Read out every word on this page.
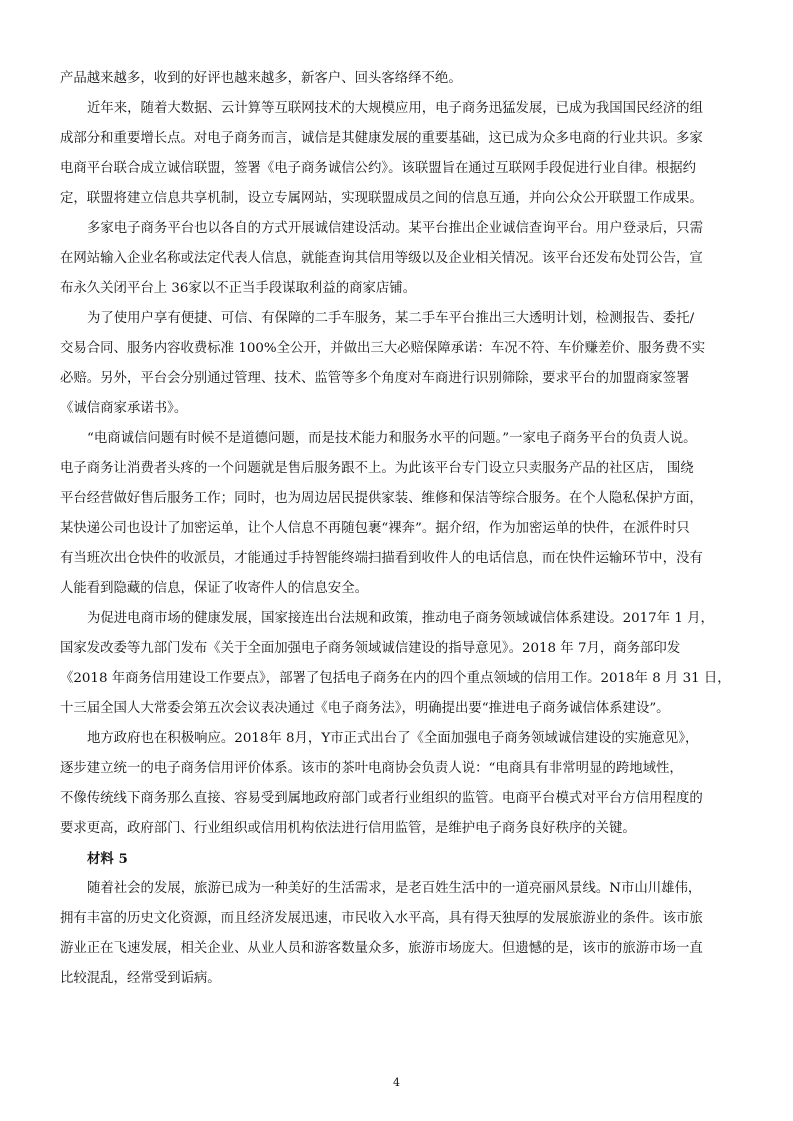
产品越来越多，收到的好评也越来越多，新客户、回头客络绎不绝。
近年来，随着大数据、云计算等互联网技术的大规模应用，电子商务迅猛发展，已成为我国国民经济的组
成部分和重要增长点。对电子商务而言，诚信是其健康发展的重要基础，这已成为众多电商的行业共识。多家
电商平台联合成立诚信联盟，签署《电子商务诚信公约》。该联盟旨在通过互联网手段促进行业自律。根据约
定，联盟将建立信息共享机制，设立专属网站，实现联盟成员之间的信息互通，并向公众公开联盟工作成果。
多家电子商务平台也以各自的方式开展诚信建设活动。某平台推出企业诚信查询平台。用户登录后，只需
在网站输入企业名称或法定代表人信息，就能查询其信用等级以及企业相关情况。该平台还发布处罚公告，宣
布永久关闭平台上 36家以不正当手段谋取利益的商家店铺。
为了使用户享有便捷、可信、有保障的二手车服务，某二手车平台推出三大透明计划，检测报告、委托/
交易合同、服务内容收费标准 100%全公开，并做出三大必赔保障承诺：车况不符、车价赚差价、服务费不实
必赔。另外，平台会分别通过管理、技术、监管等多个角度对车商进行识别筛除，要求平台的加盟商家签署
《诚信商家承诺书》。
“电商诚信问题有时候不是道德问题，而是技术能力和服务水平的问题。”一家电子商务平台的负责人说。
电子商务让消费者头疼的一个问题就是售后服务跟不上。为此该平台专门设立只卖服务产品的社区店， 围绕
平台经营做好售后服务工作；同时，也为周边居民提供家装、维修和保洁等综合服务。在个人隐私保护方面，
某快递公司也设计了加密运单，让个人信息不再随包裹“裸奔”。据介绍，作为加密运单的快件，在派件时只
有当班次出仓快件的收派员，才能通过手持智能终端扫描看到收件人的电话信息，而在快件运输环节中，没有
人能看到隐藏的信息，保证了收寄件人的信息安全。
为促进电商市场的健康发展，国家接连出台法规和政策，推动电子商务领域诚信体系建设。2017年 1 月，
国家发改委等九部门发布《关于全面加强电子商务领域诚信建设的指导意见》。2018 年 7月，商务部印发
《2018 年商务信用建设工作要点》，部署了包括电子商务在内的四个重点领域的信用工作。2018年 8 月 31 日，
十三届全国人大常委会第五次会议表决通过《电子商务法》，明确提出要“推进电子商务诚信体系建设”。
地方政府也在积极响应。2018年 8月，Y市正式出台了《全面加强电子商务领域诚信建设的实施意见》，
逐步建立统一的电子商务信用评价体系。该市的茶叶电商协会负责人说：“电商具有非常明显的跨地域性，
不像传统线下商务那么直接、容易受到属地政府部门或者行业组织的监管。电商平台模式对平台方信用程度的
要求更高，政府部门、行业组织或信用机构依法进行信用监管，是维护电子商务良好秩序的关键。
材料 5
随着社会的发展，旅游已成为一种美好的生活需求，是老百姓生活中的一道亮丽风景线。N市山川雄伟，
拥有丰富的历史文化资源，而且经济发展迅速，市民收入水平高，具有得天独厚的发展旅游业的条件。该市旅
游业正在飞速发展，相关企业、从业人员和游客数量众多，旅游市场庞大。但遗憾的是，该市的旅游市场一直
比较混乱，经常受到诟病。
4
